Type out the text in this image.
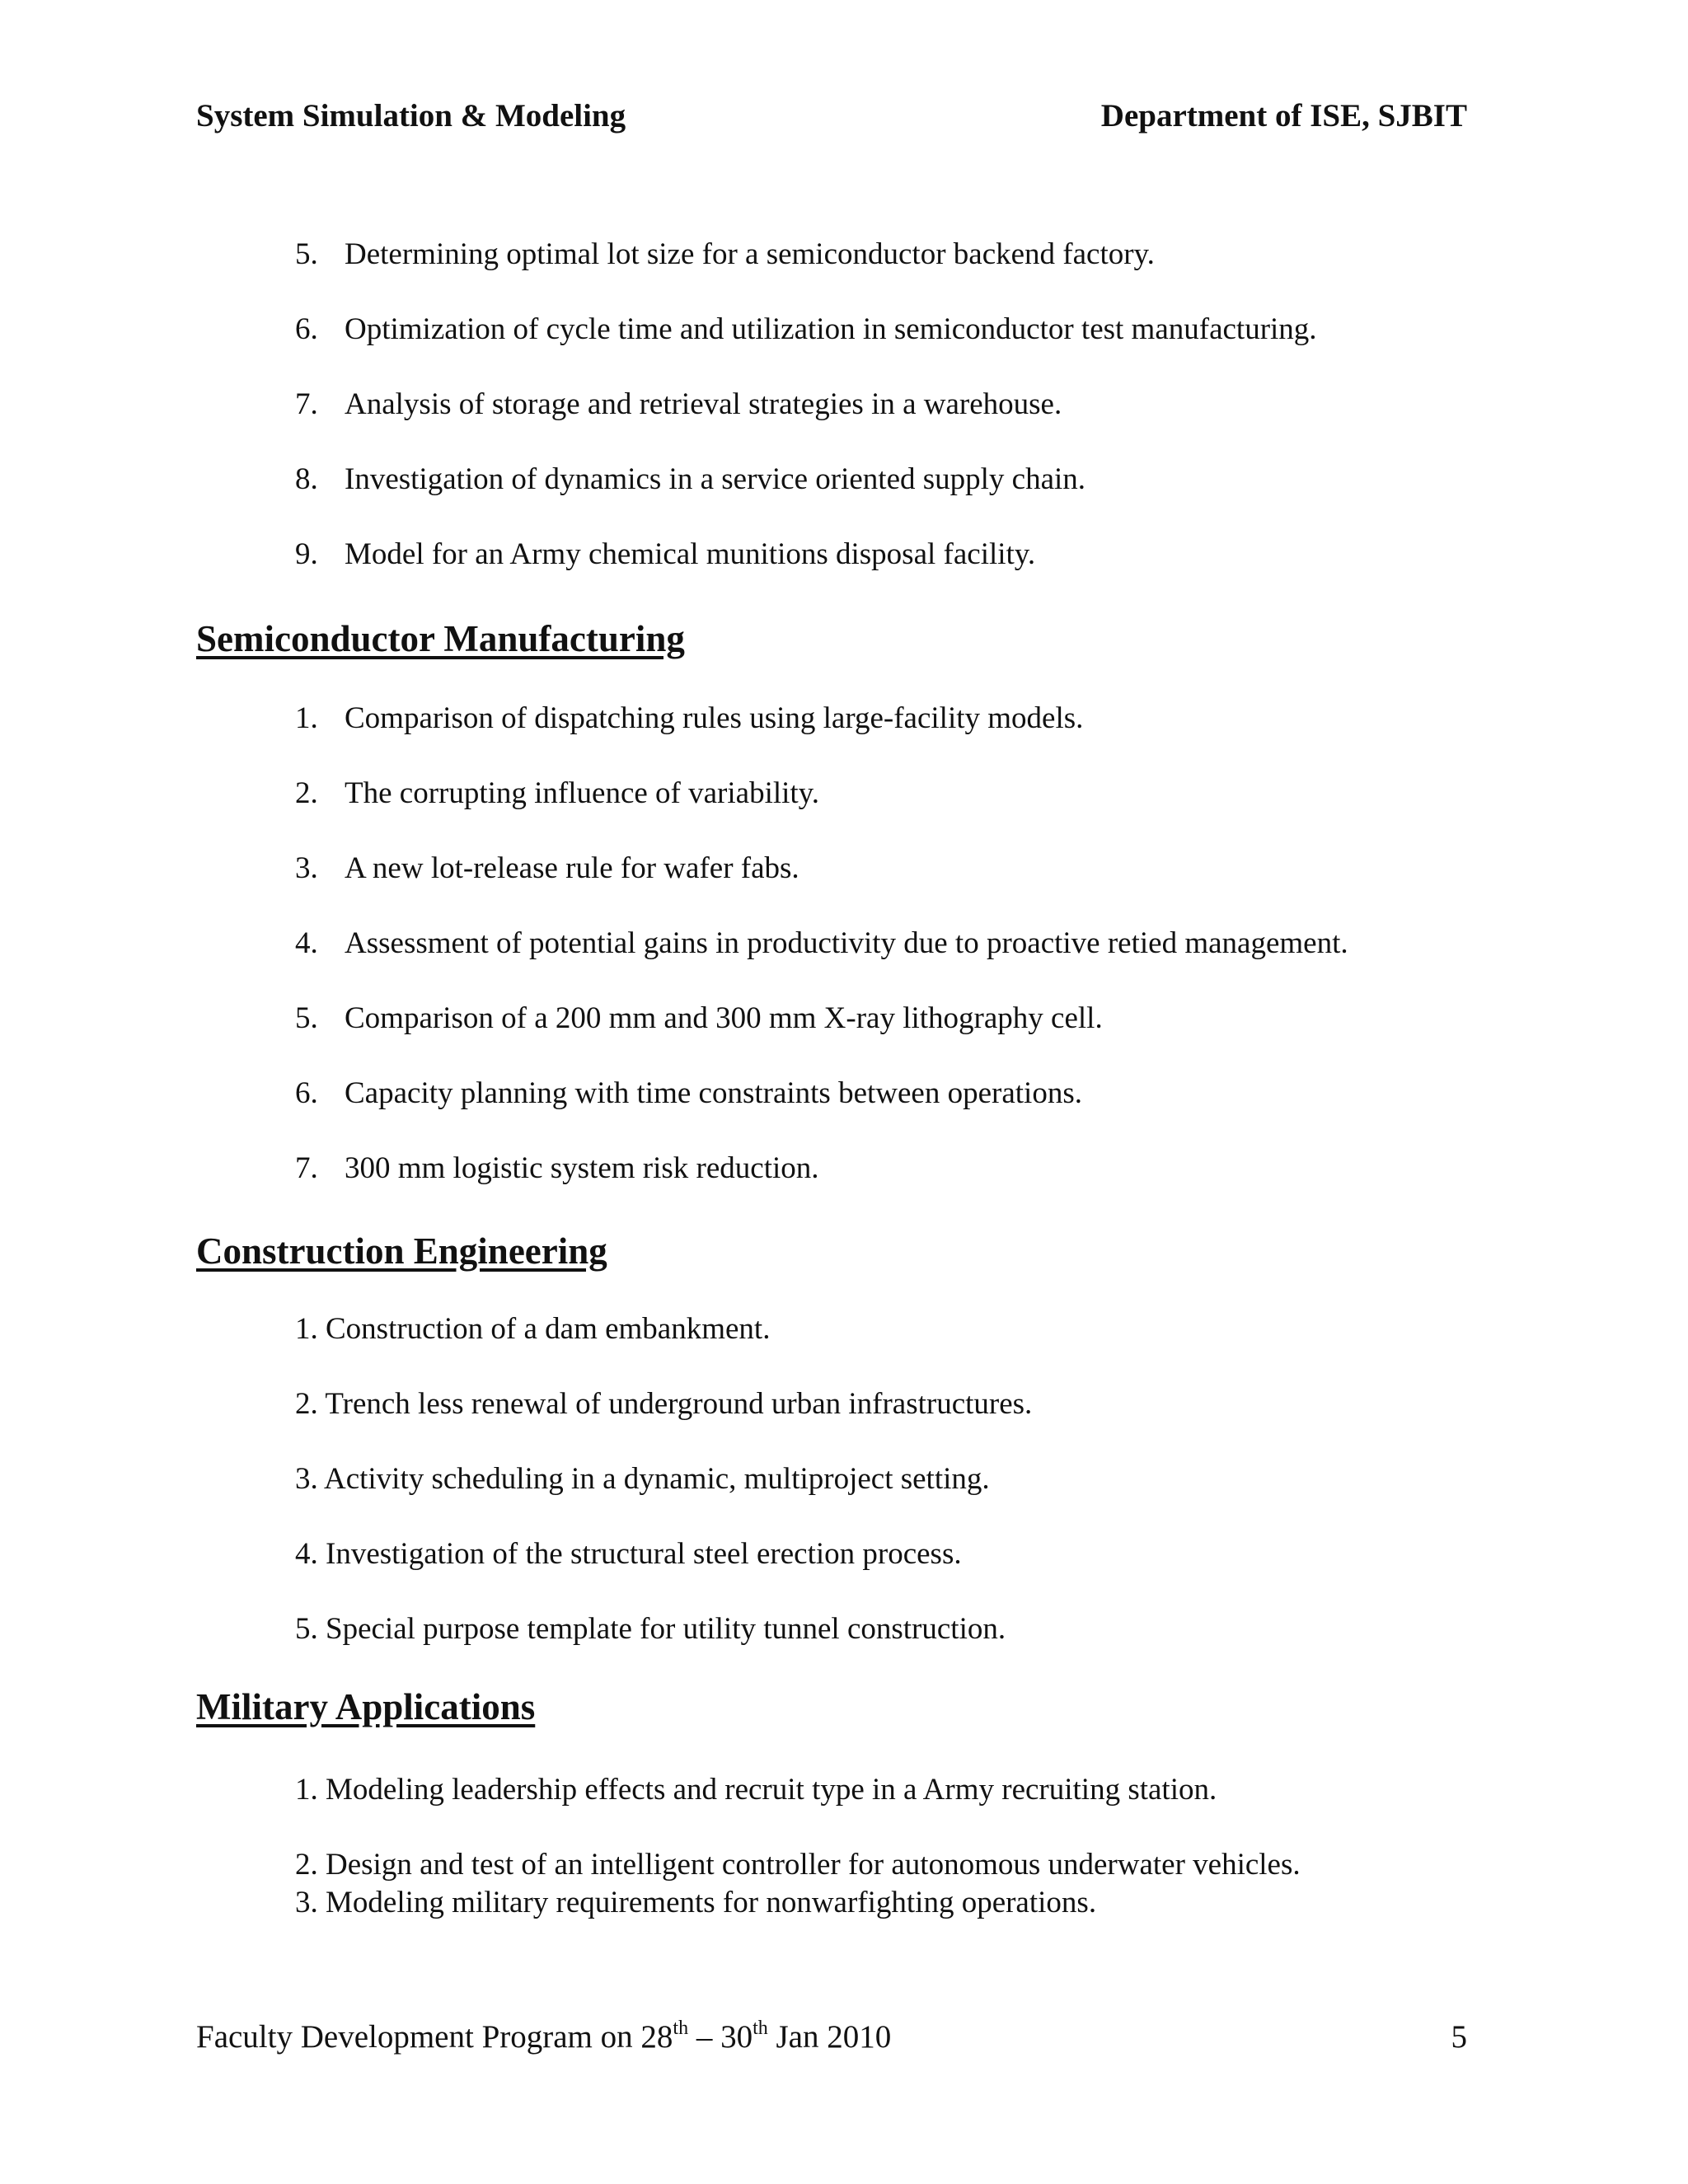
System Simulation & Modeling	Department of ISE, SJBIT
5. Determining optimal lot size for a semiconductor backend factory.
6. Optimization of cycle time and utilization in semiconductor test manufacturing.
7. Analysis of storage and retrieval strategies in a warehouse.
8. Investigation of dynamics in a service oriented supply chain.
9. Model for an Army chemical munitions disposal facility.
Semiconductor Manufacturing
1. Comparison of dispatching rules using large-facility models.
2. The corrupting influence of variability.
3. A new lot-release rule for wafer fabs.
4. Assessment of potential gains in productivity due to proactive retied management.
5. Comparison of a 200 mm and 300 mm X-ray lithography cell.
6. Capacity planning with time constraints between operations.
7. 300 mm logistic system risk reduction.
Construction Engineering
1. Construction of a dam embankment.
2. Trench less renewal of underground urban infrastructures.
3. Activity scheduling in a dynamic, multiproject setting.
4. Investigation of the structural steel erection process.
5. Special purpose template for utility tunnel construction.
Military Applications
1. Modeling leadership effects and recruit type in a Army recruiting station.
2. Design and test of an intelligent controller for autonomous underwater vehicles.
3. Modeling military requirements for nonwarfighting operations.
Faculty Development Program on 28th – 30th Jan 2010	5
